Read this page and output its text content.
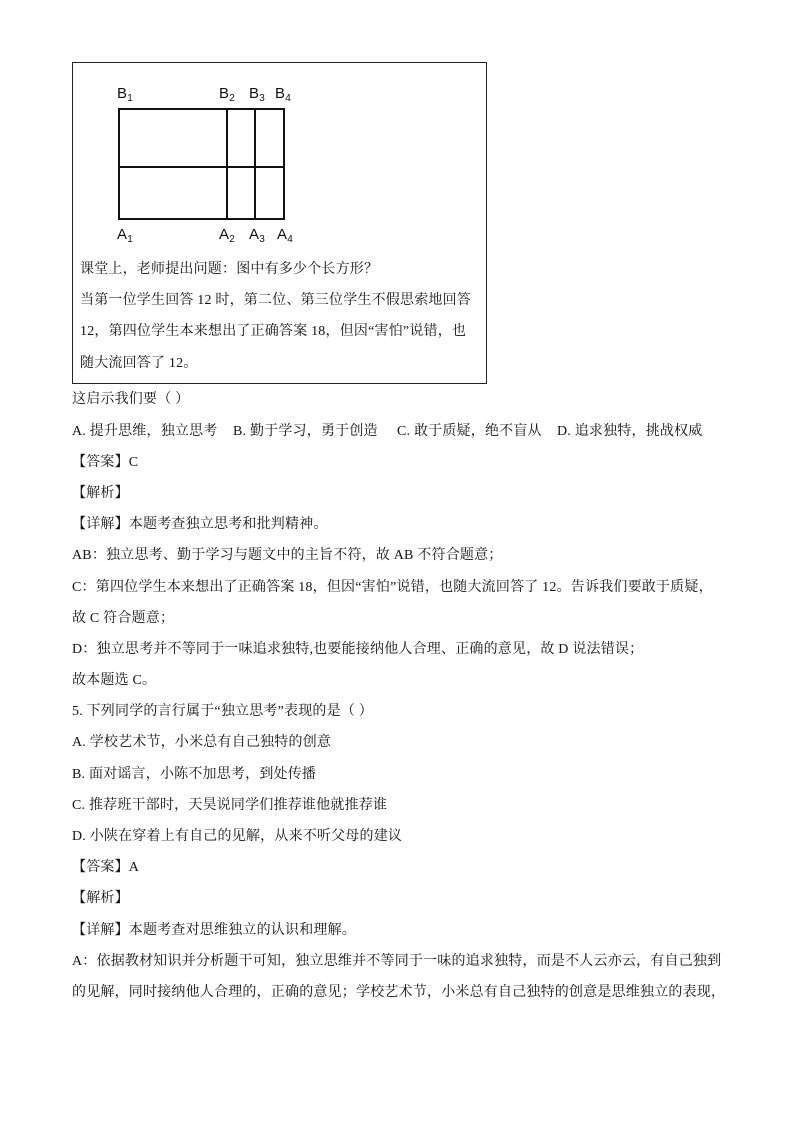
$B_1$	$B_2$ $B_3$ $B_4$
$A_1$	$A_2$ $A_3$ $A_4$
课堂上，老师提出问题：图中有多少个长方形？
当第一位学生回答 12 时，第二位、第三位学生不假思索地回答
12，第四位学生本来想出了正确答案 18，但因“害怕”说错，也
随大流回答了 12。
这启示我们要（ ）
A. 提升思维，独立思考 B. 勤于学习，勇于创造 C. 敢于质疑，绝不盲从 D. 追求独特，挑战权威
【答案】C
【解析】
【详解】本题考查独立思考和批判精神。
AB：独立思考、勤于学习与题文中的主旨不符，故 AB 不符合题意；
C：第四位学生本来想出了正确答案 18，但因“害怕”说错，也随大流回答了 12。告诉我们要敢于质疑，
故 C 符合题意；
D：独立思考并不等同于一味追求独特,也要能接纳他人合理、正确的意见，故 D 说法错误；
故本题选 C。
5. 下列同学的言行属于“独立思考”表现的是（ ）
A. 学校艺术节，小米总有自己独特的创意
B. 面对谣言，小陈不加思考，到处传播
C. 推荐班干部时，天昊说同学们推荐谁他就推荐谁
D. 小陕在穿着上有自己的见解，从来不听父母的建议
【答案】A
【解析】
【详解】本题考查对思维独立的认识和理解。
A：依据教材知识并分析题干可知，独立思维并不等同于一味的追求独特，而是不人云亦云，有自己独到
的见解，同时接纳他人合理的，正确的意见；学校艺术节，小米总有自己独特的创意是思维独立的表现，
